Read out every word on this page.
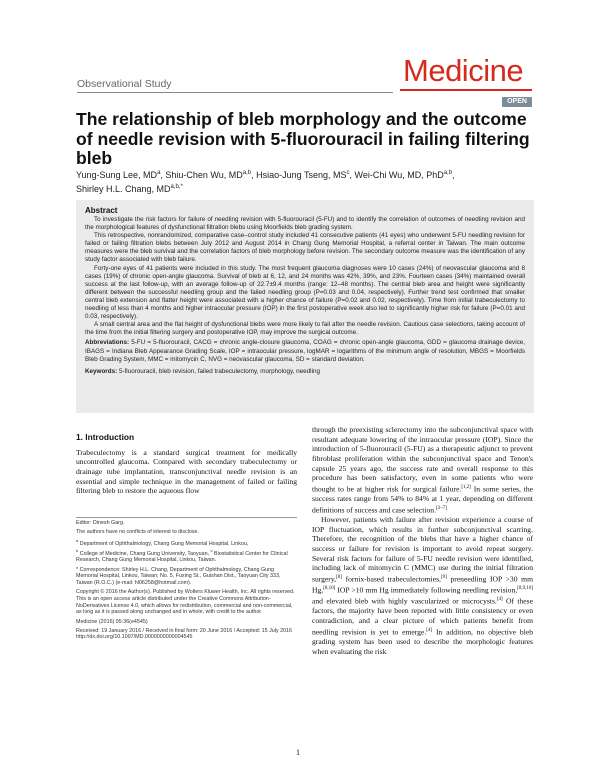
Observational Study	Medicine
OPEN
The relationship of bleb morphology and the outcome of needle revision with 5-fluorouracil in failing filtering bleb
Yung-Sung Lee, $MD^a$, Shiu-Chen Wu, MD$^{a,b}$, Hsiao-Jung Tseng, $MS^c$, Wei-Chi Wu, MD, PhD$^{a,b}$,
Shirley H.L. Chang, $MD^{a,b,*}$
Abstract

To investigate the risk factors for failure of needling revision with 5-fluorouracil (5-FU) and to identify the correlation of outcomes of needling revision and the morphological features of dysfunctional filtration blebs using Moorfields bleb grading system.

This retrospective, nonrandomized, comparative case–control study included 41 consecutive patients (41 eyes) who underwent 5-FU needling revision for failed or failing filtration blebs between July 2012 and August 2014 in Chang Gung Memorial Hospital, a referral center in Taiwan. The main outcome measures were the bleb survival and the correlation factors of bleb morphology before revision. The secondary outcome measure was the identification of any study factor associated with bleb failure.

Forty-one eyes of 41 patients were included in this study. The most frequent glaucoma diagnoses were 10 cases (24%) of neovascular glaucoma and 8 cases (19%) of chronic open-angle glaucoma. Survival of bleb at 6, 12, and 24 months was 42%, 39%, and 23%. Fourteen cases (34%) maintained overall success at the last follow-up, with an average follow-up of 22.7±9.4 months (range: 12–48 months). The central bleb area and height were significantly different between the successful needling group and the failed needling group (P=0.03 and 0.04, respectively). Further trend test confirmed that smaller central bleb extension and flatter height were associated with a higher chance of failure (P=0.02 and 0.02, respectively). Time from initial trabeculectomy to needling of less than 4 months and higher intraocular pressure (IOP) in the first postoperative week also led to significantly higher risk for failure (P=0.01 and 0.03, respectively).

A small central area and the flat height of dysfunctional blebs were more likely to fail after the needle revision. Cautious case selections, taking account of the time from the initial filtering surgery and postoperative IOP, may improve the surgical outcome.

Abbreviations: 5-FU = 5-fluorouracil, CACG = chronic angle-closure glaucoma, COAG = chronic open-angle glaucoma, GDD = glaucoma drainage device, IBAGS = Indiana Bleb Appearance Grading Scale, IOP = intraocular pressure, logMAR = logarithms of the minimum angle of resolution, MBGS = Moorfields Bleb Grading System, MMC = mitomycin C, NVG = neovascular glaucoma, SD = standard deviation.

Keywords: 5-fluorouracil, bleb revision, failed trabeculectomy, morphology, needling

1. Introduction

Trabeculectomy is a standard surgical treatment for medically uncontrolled glaucoma. Compared with secondary trabeculectomy or drainage tube implantation, transconjunctival needle revision is an essential and simple technique in the management of failed or failing filtering bleb to restore the aqueous flow

Editor: Dinesh Garg.
The authors have no conflicts of interest to disclose.
$^a$ Department of Ophthalmology, Chang Gung Memorial Hospital, Linkou,
$^b$ College of Medicine, Chang Gung University, Taoyuan, $^c$ Biostatistical Center for Clinical Research, Chang Gung Memorial Hospital, Linkou, Taiwan.
* Correspondence: Shirley H.L. Chang, Department of Ophthalmology, Chang Gung Memorial Hospital, Linkou, Taiwan; No. 5, Fuxing St., Guishan Dist., Taoyuan City 333, Taiwan (R.O.C.) (e-mail: hl06258@hotmail.com).
Copyright © 2016 the Author(s). Published by Wolters Kluwer Health, Inc. All rights reserved.
This is an open access article distributed under the Creative Commons Attribution-NoDerivatives License 4.0, which allows for redistribution, commercial and non-commercial, as long as it is passed along unchanged and in whole, with credit to the author.
Medicine (2016) 95:36(e4545)
Received: 19 January 2016 / Received in final form: 20 June 2016 / Accepted: 15 July 2016
http://dx.doi.org/10.1097/MD.0000000000004545

through the preexisting sclerectomy into the subconjunctival space with resultant adequate lowering of the intraocular pressure (IOP). Since the introduction of 5-fluorouracil (5-FU) as a therapeutic adjunct to prevent fibroblast proliferation within the subconjunctival space and Tenon's capsule 25 years ago, the success rate and overall response to this procedure has been satisfactory, even in some patients who were thought to be at higher risk for surgical failure.[1,2] In some series, the success rates range from 54% to 84% at 1 year, depending on different definitions of success and case selection.[3–7]

However, patients with failure after revision experience a course of IOP fluctuation, which results in further subconjunctival scarring. Therefore, the recognition of the blebs that have a higher chance of success or failure for revision is important to avoid repeat surgery. Several risk factors for failure of 5-FU needle revision were identified, including lack of mitomycin C (MMC) use during the initial filtration surgery,[8] fornix-based trabeculectomies,[9] preneedling IOP >30 mm Hg,[8,10] IOP >10 mm Hg immediately following needling revision,[8,9,10] and elevated bleb with highly vascularized or microcysts.[4] Of these factors, the majority have been reported with little consistency or even contradiction, and a clear picture of which patients benefit from needling revision is yet to emerge.[4] In addition, no objective bleb grading system has been used to describe the morphologic features when evaluating the risk

1
